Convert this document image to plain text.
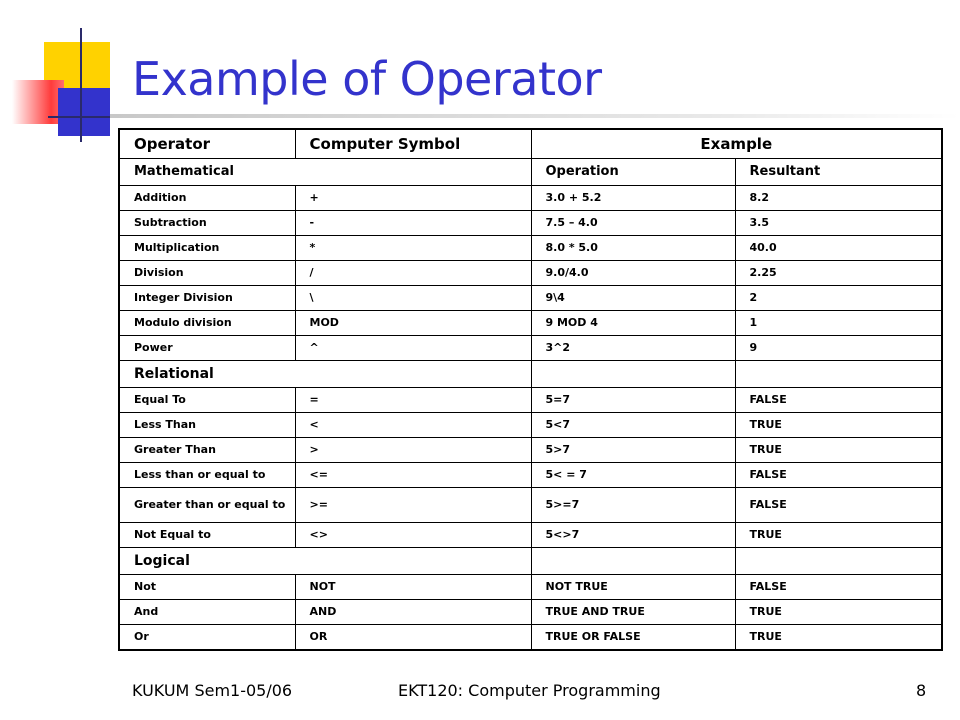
Example of Operator
Operator	Computer Symbol	Example	
Mathematical		Operation	Resultant
Addition	+	3.0 + 5.2	8.2
Subtraction	-	7.5 – 4.0	3.5
Multiplication	*	8.0 * 5.0	40.0
Division	/	9.0/4.0	2.25
Integer Division	\	9\4	2
Modulo division	MOD	9 MOD 4	1
Power	^	3^2	9
Relational			
Equal To	=	5=7	FALSE
Less Than	<	5<7	TRUE
Greater Than	>	5>7	TRUE
Less than or equal to	<=	5< = 7	FALSE
Greater than or equal to	>=	5>=7	FALSE
Not Equal to	<>	5<>7	TRUE
Logical			
Not	NOT	NOT TRUE	FALSE
And	AND	TRUE AND TRUE	TRUE
Or	OR	TRUE OR FALSE	TRUE
KUKUM Sem1-05/06	EKT120: Computer Programming	8
